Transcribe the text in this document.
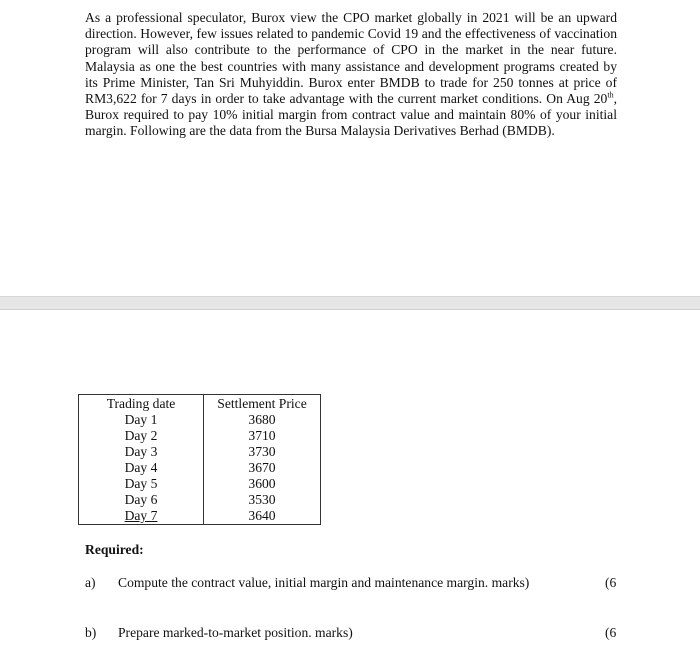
As a professional speculator, Burox view the CPO market globally in 2021 will be an upward direction. However, few issues related to pandemic Covid 19 and the effectiveness of vaccination program will also contribute to the performance of CPO in the market in the near future. Malaysia as one the best countries with many assistance and development programs created by its Prime Minister, Tan Sri Muhyiddin. Burox enter BMDB to trade for 250 tonnes at price of RM3,622 for 7 days in order to take advantage with the current market conditions. On Aug 20th, Burox required to pay 10% initial margin from contract value and maintain 80% of your initial margin. Following are the data from the Bursa Malaysia Derivatives Berhad (BMDB).

Trading date	Settlement Price
Day 1	3680
Day 2	3710
Day 3	3730
Day 4	3670
Day 5	3600
Day 6	3530
Day 7	3640
Required:
a) Compute the contract value, initial margin and maintenance margin. marks)	(6
b) Prepare marked-to-market position. marks)	(6
